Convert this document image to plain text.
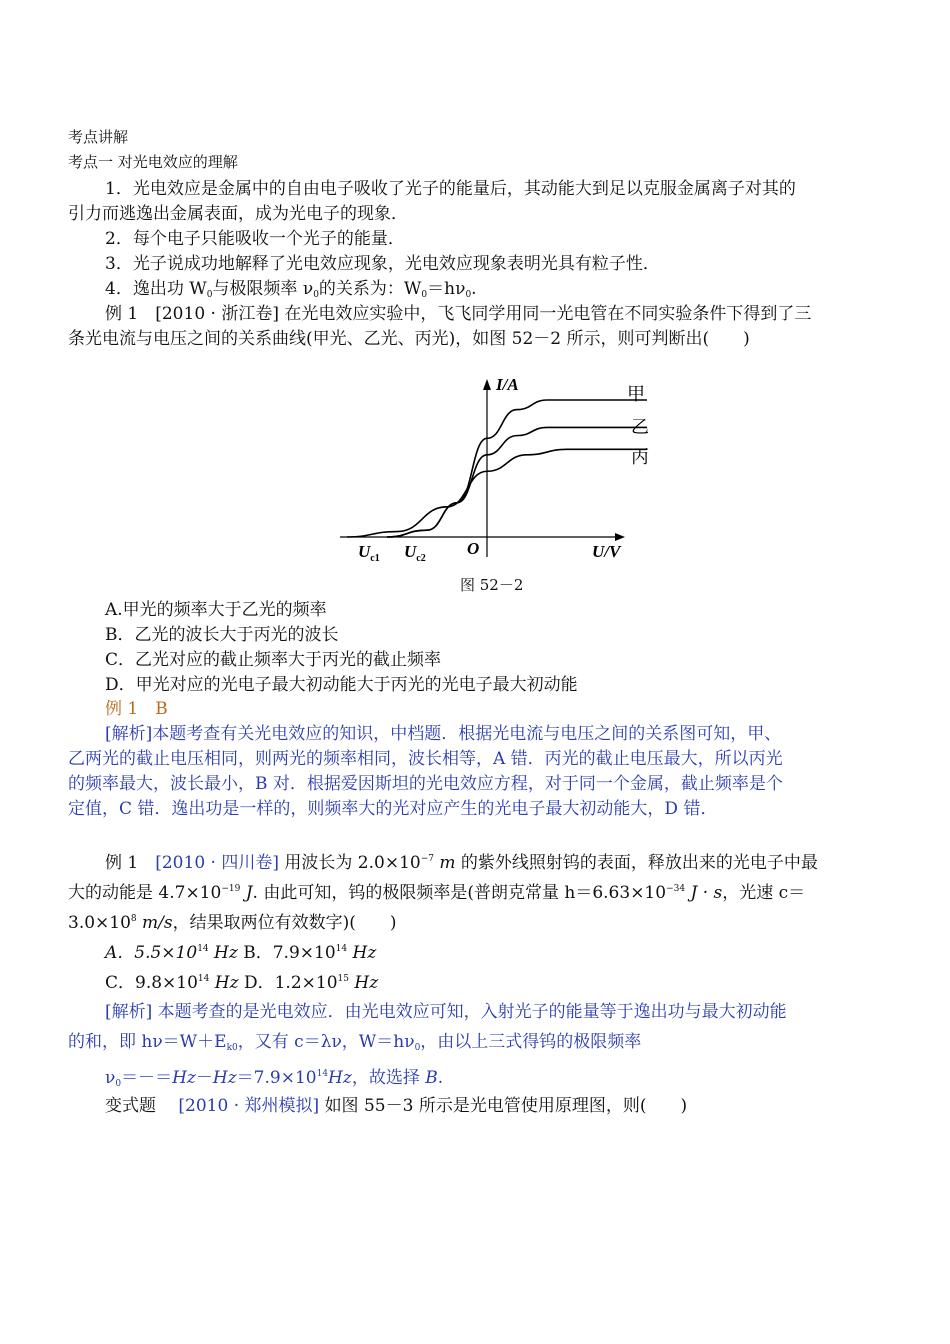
考点讲解
考点一 对光电效应的理解
1．光电效应是金属中的自由电子吸收了光子的能量后，其动能大到足以克服金属离子对其的
引力而逃逸出金属表面，成为光电子的现象．
2．每个电子只能吸收一个光子的能量．
3．光子说成功地解释了光电效应现象，光电效应现象表明光具有粒子性．
4．逸出功 $W_0$与极限频率 $\nu_0$的关系为：$W_0=h\nu_0$.
例 1　 [2010 · 浙江卷] 在光电效应实验中，飞飞同学用同一光电管在不同实验条件下得到了三
条光电流与电压之间的关系曲线(甲光、乙光、丙光)，如图 52－2 所示，则可判断出(　　)
I/A
U/V
O
$U_{c1}$ $U_{c2}$
甲
乙
丙
图 52－2
A.甲光的频率大于乙光的频率
B．乙光的波长大于丙光的波长
C．乙光对应的截止频率大于丙光的截止频率
D．甲光对应的光电子最大初动能大于丙光的光电子最大初动能
例 1　B
[解析]本题考查有关光电效应的知识，中档题．根据光电流与电压之间的关系图可知，甲、
乙两光的截止电压相同，则两光的频率相同，波长相等，A 错．丙光的截止电压最大，所以丙光
的频率最大，波长最小，B 对．根据爱因斯坦的光电效应方程，对于同一个金属，截止频率是个
定值，C 错．逸出功是一样的，则频率大的光对应产生的光电子最大初动能大，D 错．
例 1　 [2010 · 四川卷] 用波长为 $2.0\times 10^{-7}$ m 的紫外线照射钨的表面，释放出来的光电子中最
大的动能是 $4.7\times 10^{-19}$ J. 由此可知，钨的极限频率是(普朗克常量 $h=6.63\times 10^{-34}$ J · s，光速 c＝
$3.0\times 10^8$ m/s，结果取两位有效数字)(　　)
A．$5.5\times 10^{14}$ Hz B．$7.9\times 10^{14}$ Hz
C．$9.8\times 10^{14}$ Hz D．$1.2\times 10^{15}$ Hz
[解析] 本题考查的是光电效应．由光电效应可知，入射光子的能量等于逸出功与最大初动能
的和，即 $h\nu=W+E_{k0}$，又有 c＝λν，$W=h\nu_0$，由以上三式得钨的极限频率
$\nu_0=-=Hz-Hz=7.9\times 10^{14}Hz$，故选择 B.
变式题　 [2010 · 郑州模拟] 如图 55－3 所示是光电管使用原理图，则(　　)
